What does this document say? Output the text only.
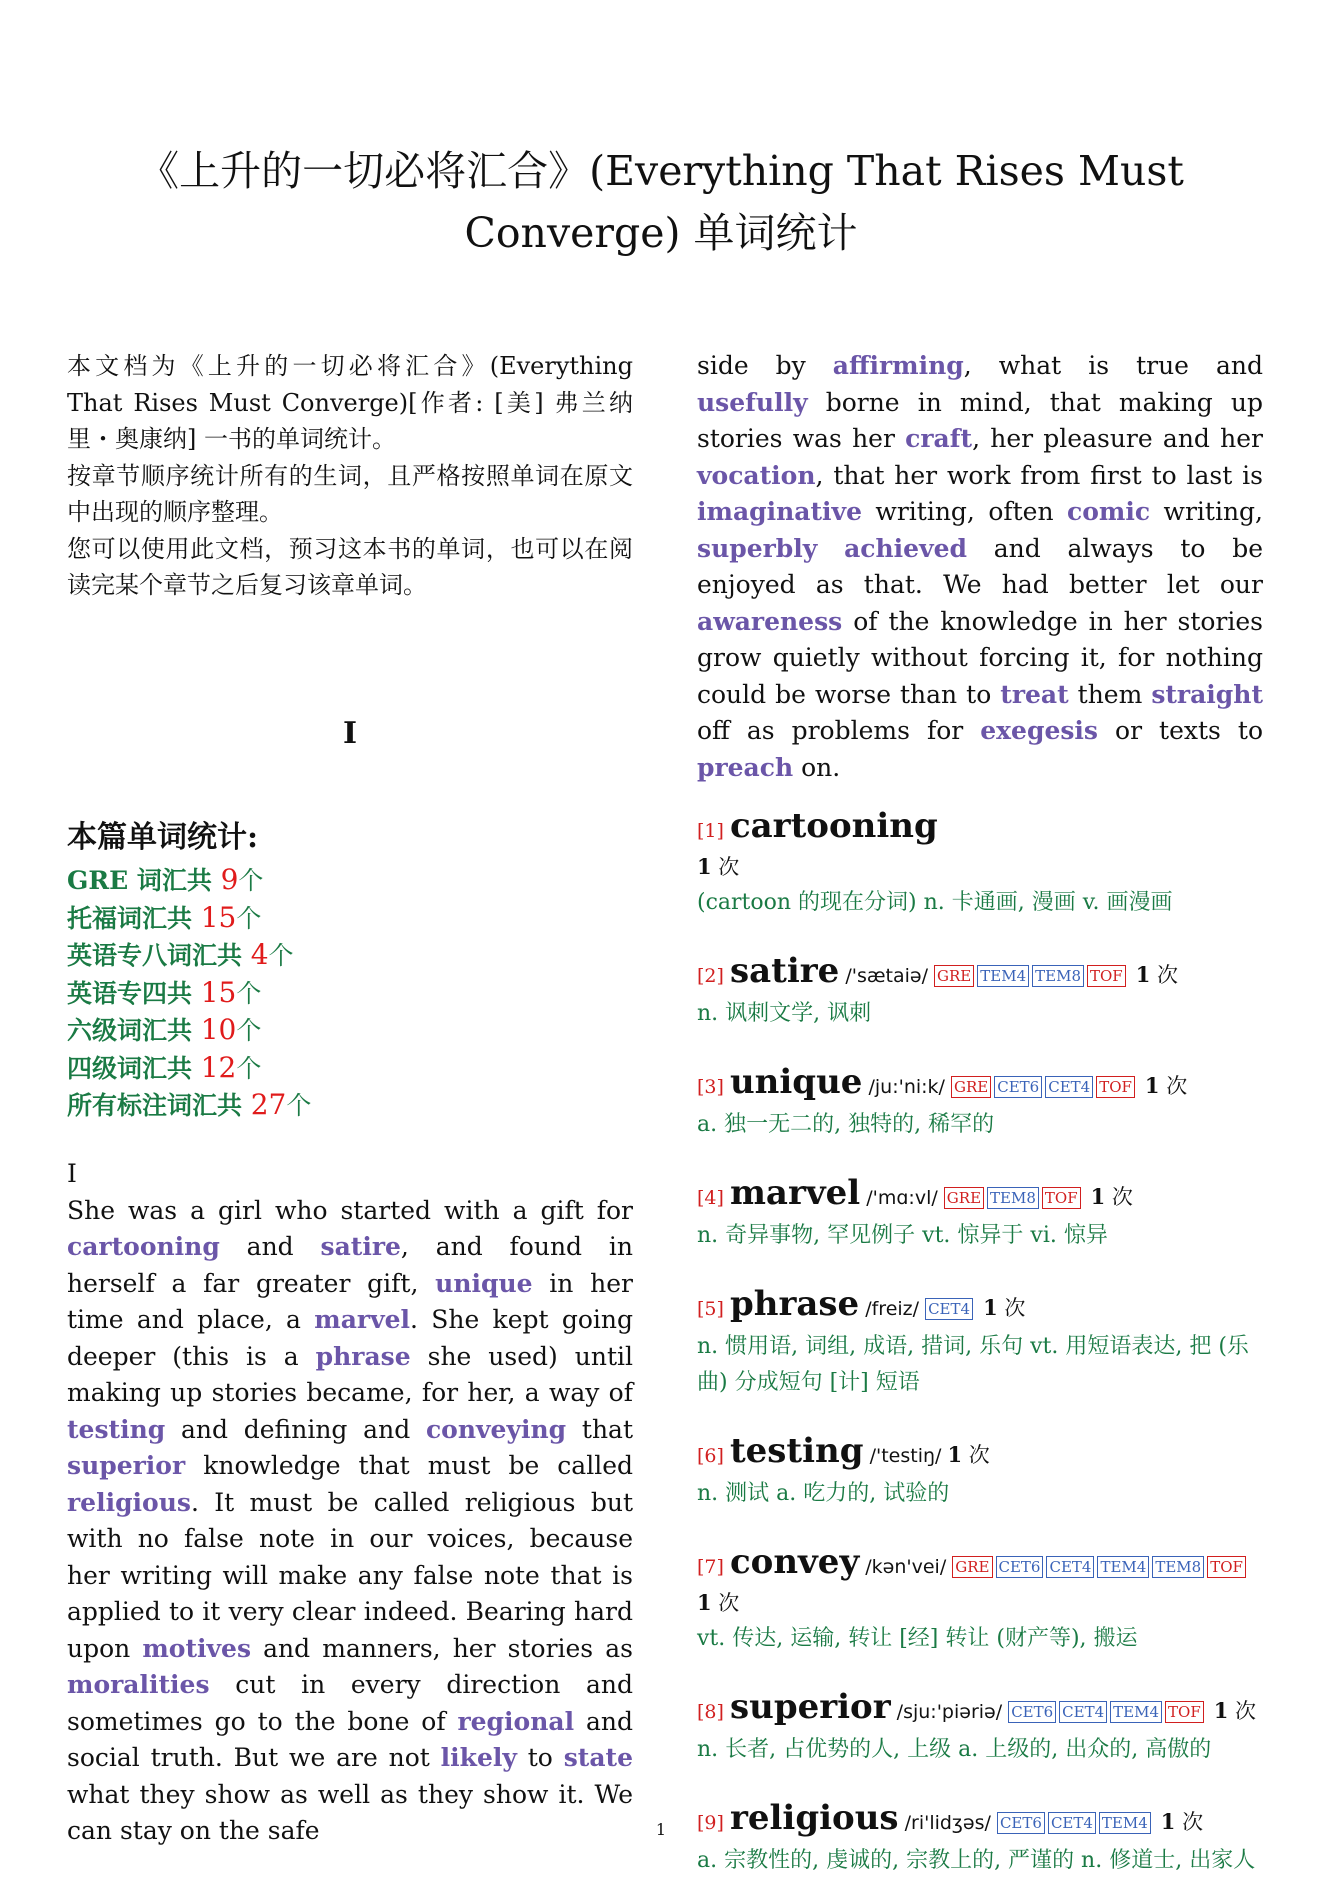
《上升的一切必将汇合》(Everything That Rises Must Converge) 单词统计

本文档为《上升的一切必将汇合》(Everything That Rises Must Converge)[作者: [美] 弗兰纳里・奥康纳] 一书的单词统计。

按章节顺序统计所有的生词，且严格按照单词在原文中出现的顺序整理。

您可以使用此文档，预习这本书的单词，也可以在阅读完某个章节之后复习该章单词。

I
本篇单词统计:
GRE 词汇共 9个
托福词汇共 15个
英语专八词汇共 4个
英语专四共 15个
六级词汇共 10个
四级词汇共 12个
所有标注词汇共 27个
I
She was a girl who started with a gift for cartooning and satire, and found in herself a far greater gift, unique in her time and place, a marvel. She kept going deeper (this is a phrase she used) until making up stories became, for her, a way of testing and defining and conveying that superior knowledge that must be called religious. It must be called religious but with no false note in our voices, because her writing will make any false note that is applied to it very clear indeed. Bearing hard upon motives and manners, her stories as moralities cut in every direction and sometimes go to the bone of regional and social truth. But we are not likely to state what they show as well as they show it. We can stay on the safe
side by affirming, what is true and usefully borne in mind, that making up stories was her craft, her pleasure and her vocation, that her work from first to last is imaginative writing, often comic writing, superbly achieved and always to be enjoyed as that. We had better let our awareness of the knowledge in her stories grow quietly without forcing it, for nothing could be worse than to treat them straight off as problems for exegesis or texts to preach on.
[1] cartooning
1 次
(cartoon 的现在分词) n. 卡通画, 漫画 v. 画漫画
[2] satire /'sætaiə/ GRE TEM4 TEM8 TOF 1 次
n. 讽刺文学, 讽刺
[3] unique /ju:'ni:k/ GRE CET6 CET4 TOF 1 次
a. 独一无二的, 独特的, 稀罕的
[4] marvel /'mɑ:vl/ GRE TEM8 TOF 1 次
n. 奇异事物, 罕见例子 vt. 惊异于 vi. 惊异
[5] phrase /freiz/ CET4 1 次
n. 惯用语, 词组, 成语, 措词, 乐句 vt. 用短语表达, 把 (乐曲) 分成短句 [计] 短语
[6] testing /'testiŋ/ 1 次
n. 测试 a. 吃力的, 试验的
[7] convey /kən'vei/ GRE CET6 CET4 TEM4 TEM8 TOF
1 次
vt. 传达, 运输, 转让 [经] 转让 (财产等), 搬运
[8] superior /sju:'piəriə/ CET6 CET4 TEM4 TOF 1 次
n. 长者, 占优势的人, 上级 a. 上级的, 出众的, 高傲的
[9] religious /ri'lidʒəs/ CET6 CET4 TEM4 1 次
a. 宗教性的, 虔诚的, 宗教上的, 严谨的 n. 修道士, 出家人
1
